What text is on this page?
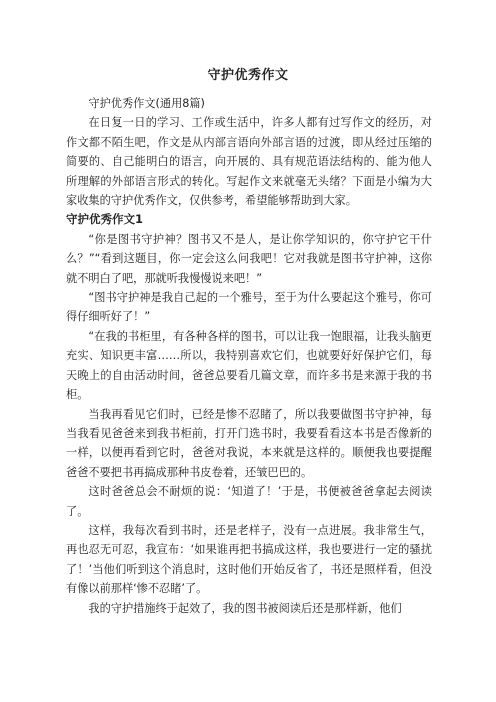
守护优秀作文

守护优秀作文(通用8篇)

在日复一日的学习、工作或生活中，许多人都有过写作文的经历，对作文都不陌生吧，作文是从内部言语向外部言语的过渡，即从经过压缩的简要的、自己能明白的语言，向开展的、具有规范语法结构的、能为他人所理解的外部语言形式的转化。写起作文来就毫无头绪？下面是小编为大家收集的守护优秀作文，仅供参考，希望能够帮助到大家。

守护优秀作文1

“你是图书守护神？图书又不是人，是让你学知识的，你守护它干什么？”“看到这题目，你一定会这么问我吧！它对我就是图书守护神，这你就不明白了吧，那就听我慢慢说来吧！”

“图书守护神是我自己起的一个雅号，至于为什么要起这个雅号，你可得仔细听好了！”

“在我的书柜里，有各种各样的图书，可以让我一饱眼福，让我头脑更充实、知识更丰富……所以，我特别喜欢它们，也就要好好保护它们，每天晚上的自由活动时间，爸爸总要看几篇文章，而许多书是来源于我的书柜。

当我再看见它们时，已经是惨不忍睹了，所以我要做图书守护神，每当我看见爸爸来到我书柜前，打开门选书时，我要看看这本书是否像新的一样，以便再看到它时，爸爸对我说，本来就是这样的。顺便我也要提醒爸爸不要把书再搞成那种书皮卷着，还皱巴巴的。

这时爸爸总会不耐烦的说：‘知道了！’于是，书便被爸爸拿起去阅读了。

这样，我每次看到书时，还是老样子，没有一点进展。我非常生气，再也忍无可忍，我宣布：‘如果谁再把书搞成这样，我也要进行一定的骚扰了！’当他们听到这个消息时，这时他们开始反省了，书还是照样看，但没有像以前那样‘惨不忍睹’了。

我的守护措施终于起效了，我的图书被阅读后还是那样新，他们
